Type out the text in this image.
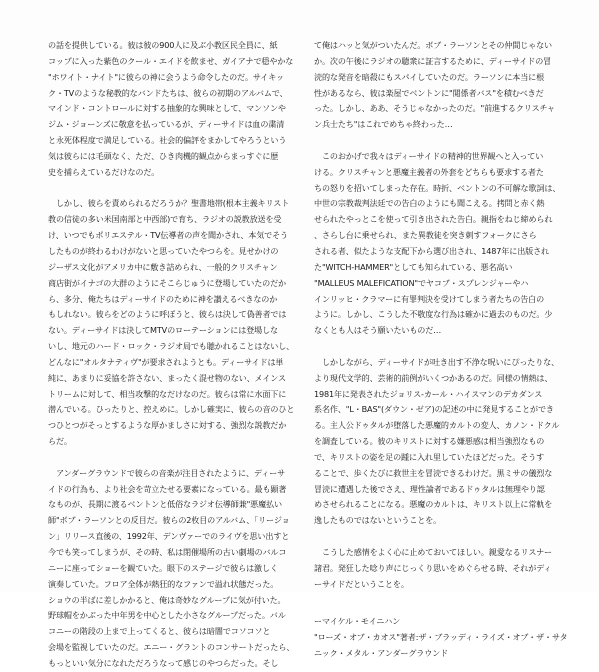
の話を提供している。彼は彼の900人に及ぶ小教区民全員に、紙
コップに入った紫色のクール・エイドを飲ませ、ガイアナで穏やかな
"ホワイト・ナイト"に彼らの神に会うよう命令したのだ。サイキッ
ク・TVのような秘教的なバンドたちは、彼らの初期のアルバムで、
マインド・コントロールに対する抽象的な興味として、マンソンや
ジム・ジョーンズに敬意を払っているが、ディーサイドは血の粛清
と永死体程度で満足している。社会的偏評をまかしてやろうという
気は彼らには毛頭なく、ただ、ひき肉機的観点からまっすぐに歴
史を捕らえているだけなのだ。
　しかし、彼らを責められるだろうか？聖書地帯(根本主義キリスト
教の信徒の多い米国南部と中西部)で育ち、ラジオの説教放送を受
け、いつでもポリエステル・TV伝導者の声を聞かされ、本気でそう
したものが終わるわけがないと思っていたやつらを。見せかけの
ジーザス文化がアメリカ中に敷き詰められ、一般的クリスチャン
商店街がイナゴの大群のようにそこらじゅうに登場していたのだか
ら、多分、俺たちはディーサイドのために神を讃えるべきなのか
もしれない。彼らをどのように呼ぼうと、彼らは決して偽善者では
ない。ディーサイドは決してMTVのローテーションには登場しな
いし、地元のハード・ロック・ラジオ局でも聴かれることはないし、
どんなに"オルタナティヴ"が要求されようとも。ディーサイドは単
純に、あまりに妥協を許さない、まったく混せ物のない、メインス
トリームに対して、相当攻撃的なだけなのだ。彼らは常に水面下に
潜んでいる。ひったりと、控えめに。しかし確実に、彼らの音のひと
つひとつがそっとするような厚かましさに対する、強烈な説教だか
らだ。
　アンダーグラウンドで彼らの音楽が注目されたように、ディーサ
イドの行為も、より社会を苛立たせる要素になっている。最も顕著
なものが、長期に渡るベントンと低俗なラジオ伝導師兼"悪魔払い
師"ボブ・ラーソンとの反目だ。彼らの2枚目のアルバム、「リージョ
ン」リリース直後の、1992年、デンヴァーでのライヴを思い出すと
今でも笑ってしまうが、その時、私は閉催場所の古い劇場のバルコ
ニーに座ってショーを観ていた。眼下のステージで彼らは激しく
演奏していた。フロア全体が熱狂的なファンで溢れ状態だった。
ショウの半ばに差しかかると、俺は奇妙なグループに気が付いた。
野球帽をかぶった中年男を中心とした小さなグループだった。バル
コニーの階段の上まで上ってくると、彼らは暗闇でコソコソと
会場を監視していたのだ。エニー・グラントのコンサートだったら、
もっといい気分になれただろうなって感じのやつらだった。そし
て俺はハッと気がついたんだ。ボブ・ラーソンとその仲間じゃない
か。次の午後にラジオの聴衆に証言するために、ディーサイドの冒
涜的な発音を暗殺にもスパイしていたのだ。ラーソンに本当に根
性があるなら、彼は楽屋でベントンに"閲係者バス"を積むべきだ
った。しかし、ああ、そうじゃなかったのだ。"前進するクリスチャ
ン兵士たち"はこれでめちゃ終わった…
　このおかげで我々はディーサイドの精神的世界観へと入ってい
ける。クリスチャンと悪魔主義者の外套をどちらも要求する者た
ちの怒りを招いてしまった存在。時折、ベントンの不可解な歌詞は、
中世の宗教裁判法廷での告白のようにも聞こえる。拷問と赤く熱
せられたやっとこを使って引き出された告白。親指をねじ締められ
、さらし台に乗せられ、また異教徒を突き刺すフォークにさら
される者、似たような支配下から選び出され、1487年に出版され
た"WITCH-HAMMER"としても知られている、悪名高い
"MALLEUS MALEFICATION"でヤコブ・スプレンジャーやハ
インリッヒ・クラマーに有罪判決を受けてしまう者たちの告白の
ように。しかし、こうした不敬度な行為は確かに過去のものだ。少
なくとも人はそう願いたいものだ…
　しかしながら、ディーサイドが吐き出す不浄な呪いにぴったりな、
より現代文学的、芸術的前例がいくつかあるのだ。同様の情熱は、
1981年に発表されたジョリス-カール・ハイスマンのデカダンス
系名作、"L・BAS"(ダウン・ゼア)の記述の中に発見することができ
る。主人公ドゥタルが堕落した悪魔的カルトの変人、カノン・ドクル
を調査している。彼のキリストに対する嫌悪感は相当強烈なもの
で、キリストの姿を足の踵に入れ里していたほどだった。そうす
ることで、歩くたびに救世主を冒涜できるわけだ。黒ミサの儀烈な
冒涜に遭遇した後でさえ、理性論者であるドゥタルは無理やり認
めさせられることになる。悪魔のカルトは、キリスト以上に常軌を
逸したものではないということを。
　こうした感情をよく心に止めておいてほしい。親愛なるリスナー
諸君。発狂した唸り声にじっくり思いをめぐらせる時、それがディ
ーサイドだということを。
ーマイケル・モイニハン
"ローズ・オブ・カオス"著者:ザ・ブラッディ・ライズ・オブ・ザ・サタ
ニック・メタル・アンダーグラウンド
